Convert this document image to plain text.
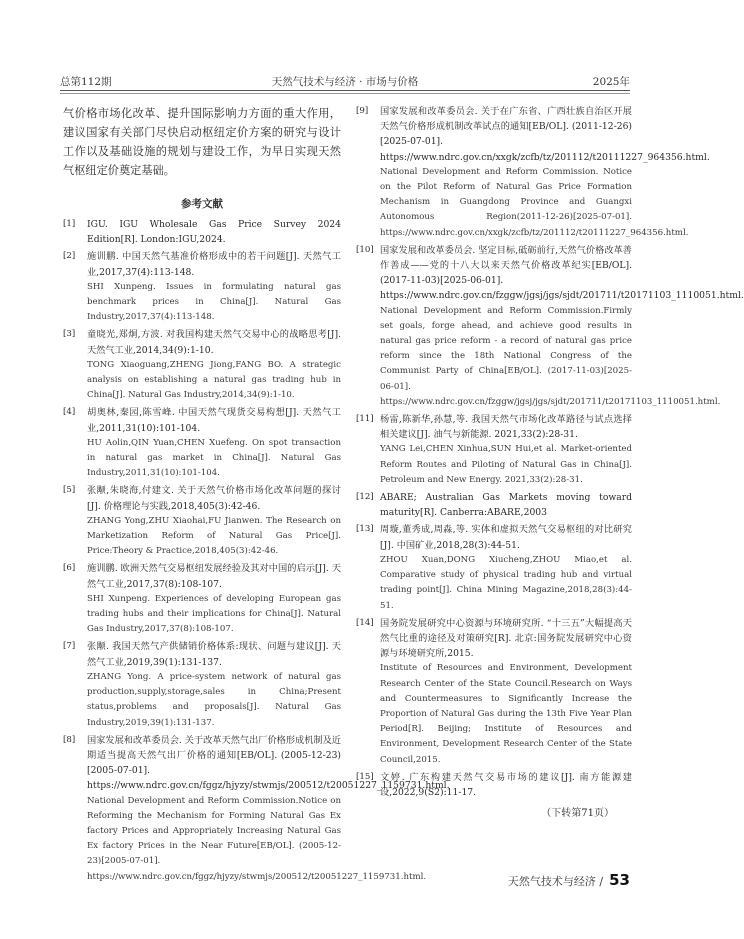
总第112期	天然气技术与经济 · 市场与价格	2025年

气价格市场化改革、提升国际影响力方面的重大作用，建议国家有关部门尽快启动枢纽定价方案的研究与设计工作以及基础设施的规划与建设工作，为早日实现天然气枢纽定价奠定基础。

参考文献
[1] IGU. IGU Wholesale Gas Price Survey 2024 Edition[R]. London:IGU,2024.
[2] 施训鹏. 中国天然气基准价格形成中的若干问题[J]. 天然气工业,2017,37(4):113-148.
SHI Xunpeng. Issues in formulating natural gas benchmark prices in China[J]. Natural Gas Industry,2017,37(4):113-148.
[3] 童晓光,郑炯,方波. 对我国构建天然气交易中心的战略思考[J]. 天然气工业,2014,34(9):1-10.
TONG Xiaoguang,ZHENG Jiong,FANG BO. A strategic analysis on establishing a natural gas trading hub in China[J]. Natural Gas Industry,2014,34(9):1-10.
[4] 胡奥林,秦园,陈雪峰. 中国天然气现货交易构想[J]. 天然气工业,2011,31(10):101-104.
HU Aolin,QIN Yuan,CHEN Xuefeng. On spot transaction in natural gas market in China[J]. Natural Gas Industry,2011,31(10):101-104.
[5] 张颙,朱晓海,付建文. 关于天然气价格市场化改革问题的探讨[J]. 价格理论与实践,2018,405(3):42-46.
ZHANG Yong,ZHU Xiaohai,FU Jianwen. The Research on Marketization Reform of Natural Gas Price[J]. Price:Theory & Practice,2018,405(3):42-46.
[6] 施训鹏. 欧洲天然气交易枢纽发展经验及其对中国的启示[J]. 天然气工业,2017,37(8):108-107.
SHI Xunpeng. Experiences of developing European gas trading hubs and their implications for China[J]. Natural Gas Industry,2017,37(8):108-107.
[7] 张颙. 我国天然气产供储销价格体系:现状、问题与建议[J]. 天然气工业,2019,39(1):131-137.
ZHANG Yong. A price-system network of natural gas production,supply,storage,sales in China;Present status,problems and proposals[J]. Natural Gas Industry,2019,39(1):131-137.
[8] 国家发展和改革委员会. 关于改革天然气出厂价格形成机制及近期适当提高天然气出厂价格的通知[EB/OL]. (2005-12-23)[2005-07-01]. https://www.ndrc.gov.cn/fggz/hjyzy/stwmjs/200512/t20051227_1159731.html.
National Development and Reform Commission.Notice on Reforming the Mechanism for Forming Natural Gas Ex factory Prices and Appropriately Increasing Natural Gas Ex factory Prices in the Near Future[EB/OL]. (2005-12-23)[2005-07-01]. https://www.ndrc.gov.cn/fggz/hjyzy/stwmjs/200512/t20051227_1159731.html.
[9] 国家发展和改革委员会. 关于在广东省、广西壮族自治区开展天然气价格形成机制改革试点的通知[EB/OL]. (2011-12-26)[2025-07-01]. https://www.ndrc.gov.cn/xxgk/zcfb/tz/201112/t20111227_964356.html.
National Development and Reform Commission. Notice on the Pilot Reform of Natural Gas Price Formation Mechanism in Guangdong Province and Guangxi Autonomous Region(2011-12-26)[2025-07-01]. https://www.ndrc.gov.cn/xxgk/zcfb/tz/201112/t20111227_964356.html.
[10] 国家发展和改革委员会. 坚定目标,砥砺前行,天然气价格改革善作善成——党的十八大以来天然气价格改革纪实[EB/OL]. (2017-11-03)[2025-06-01]. https://www.ndrc.gov.cn/fzggw/jgsj/jgs/sjdt/201711/t20171103_1110051.html.
National Development and Reform Commission.Firmly set goals, forge ahead, and achieve good results in natural gas price reform - a record of natural gas price reform since the 18th National Congress of the Communist Party of China[EB/OL]. (2017-11-03)[2025-06-01]. https://www.ndrc.gov.cn/fzggw/jgsj/jgs/sjdt/201711/t20171103_1110051.html.
[11] 杨雷,陈新华,孙慧,等. 我国天然气市场化改革路径与试点选择相关建议[J]. 油气与新能源. 2021,33(2):28-31.
YANG Lei,CHEN Xinhua,SUN Hui,et al. Market-oriented Reform Routes and Piloting of Natural Gas in China[J]. Petroleum and New Energy. 2021,33(2):28-31.
[12] ABARE; Australian Gas Markets moving toward maturity[R]. Canberra:ABARE,2003
[13] 周璇,董秀成,周淼,等. 实体和虚拟天然气交易枢纽的对比研究[J]. 中国矿业,2018,28(3):44-51.
ZHOU Xuan,DONG Xiucheng,ZHOU Miao,et al. Comparative study of physical trading hub and virtual trading point[J]. China Mining Magazine,2018,28(3):44-51.
[14] 国务院发展研究中心资源与环境研究所. “十三五”大幅提高天然气比重的途径及对策研究[R]. 北京:国务院发展研究中心资源与环境研究所,2015.
Institute of Resources and Environment, Development Research Center of the State Council.Research on Ways and Countermeasures to Significantly Increase the Proportion of Natural Gas during the 13th Five Year Plan Period[R]. Beijing; Institute of Resources and Environment, Development Research Center of the State Council,2015.
[15] 文婷. 广东构建天然气交易市场的建议[J]. 南方能源建设,2022,9(S2):11-17.
（下转第71页）
天然气技术与经济 / 53
